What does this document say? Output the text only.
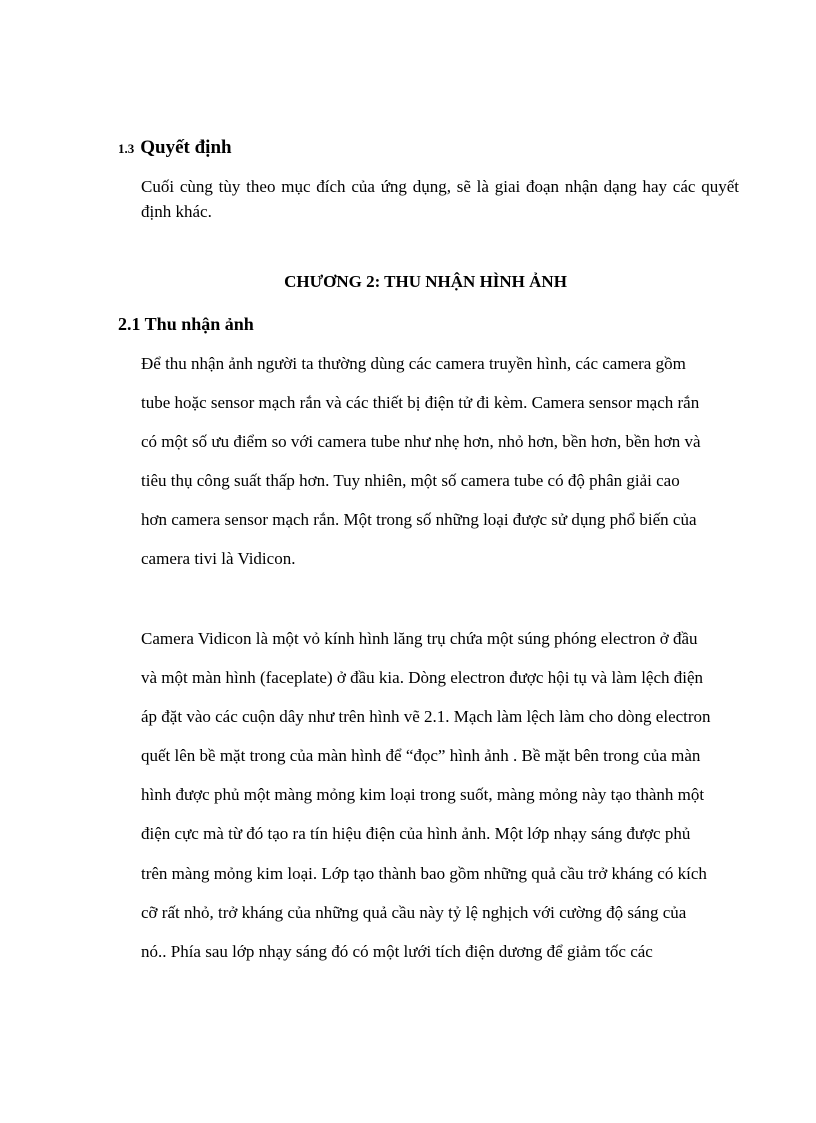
1.3 Quyết định

Cuối cùng tùy theo mục đích của ứng dụng, sẽ là giai đoạn nhận dạng hay các quyết định khác.

CHƯƠNG 2: THU NHẬN HÌNH ẢNH
2.1 Thu nhận ảnh
Để thu nhận ảnh người ta thường dùng các camera truyền hình, các camera gồm
tube hoặc sensor mạch rắn và các thiết bị điện tử đi kèm. Camera sensor mạch rắn
có một số ưu điểm so với camera tube như nhẹ hơn, nhỏ hơn, bền hơn, bền hơn và
tiêu thụ công suất thấp hơn. Tuy nhiên, một số camera tube có độ phân giải cao
hơn camera sensor mạch rắn. Một trong số những loại được sử dụng phổ biến của
camera tivi là Vidicon.
Camera Vidicon là một vỏ kính hình lăng trụ chứa một súng phóng electron ở đầu
và một màn hình (faceplate) ở đầu kia. Dòng electron được hội tụ và làm lệch điện
áp đặt vào các cuộn dây như trên hình vẽ 2.1. Mạch làm lệch làm cho dòng electron
quết lên bề mặt trong của màn hình để “đọc” hình ảnh . Bề mặt bên trong của màn
hình được phủ một màng mỏng kim loại trong suốt, màng mỏng này tạo thành một
điện cực mà từ đó tạo ra tín hiệu điện của hình ảnh. Một lớp nhạy sáng được phủ
trên màng mỏng kim loại. Lớp tạo thành bao gồm những quả cầu trở kháng có kích
cỡ rất nhỏ, trở kháng của những quả cầu này tỷ lệ nghịch với cường độ sáng của
nó.. Phía sau lớp nhạy sáng đó có một lưới tích điện dương để giảm tốc các
